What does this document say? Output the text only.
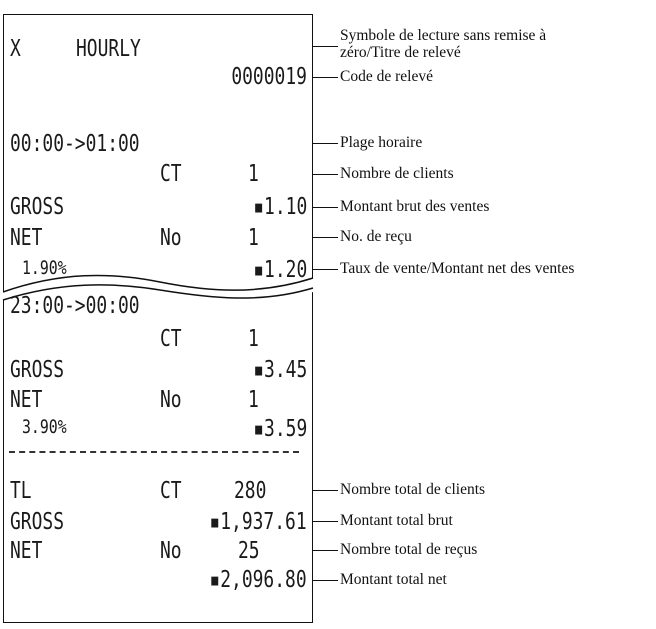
X HOURLY
0000019
00:00->01:00
CT	1
GROSS	▪1.10
NET	No	1
1.90%	▪1.20
23:00->00:00
CT	1
GROSS	▪3.45
NET	No	1
3.90%	▪3.59
TL	CT 280
GROSS	▪1,937.61
NET	No 25
▪2,096.80
Symbole de lecture sans remise à
zéro/Titre de relevé
Code de relevé
Plage horaire
Nombre de clients
Montant brut des ventes
No. de reçu
Taux de vente/Montant net des ventes
Nombre total de clients
Montant total brut
Nombre total de reçus
Montant total net
